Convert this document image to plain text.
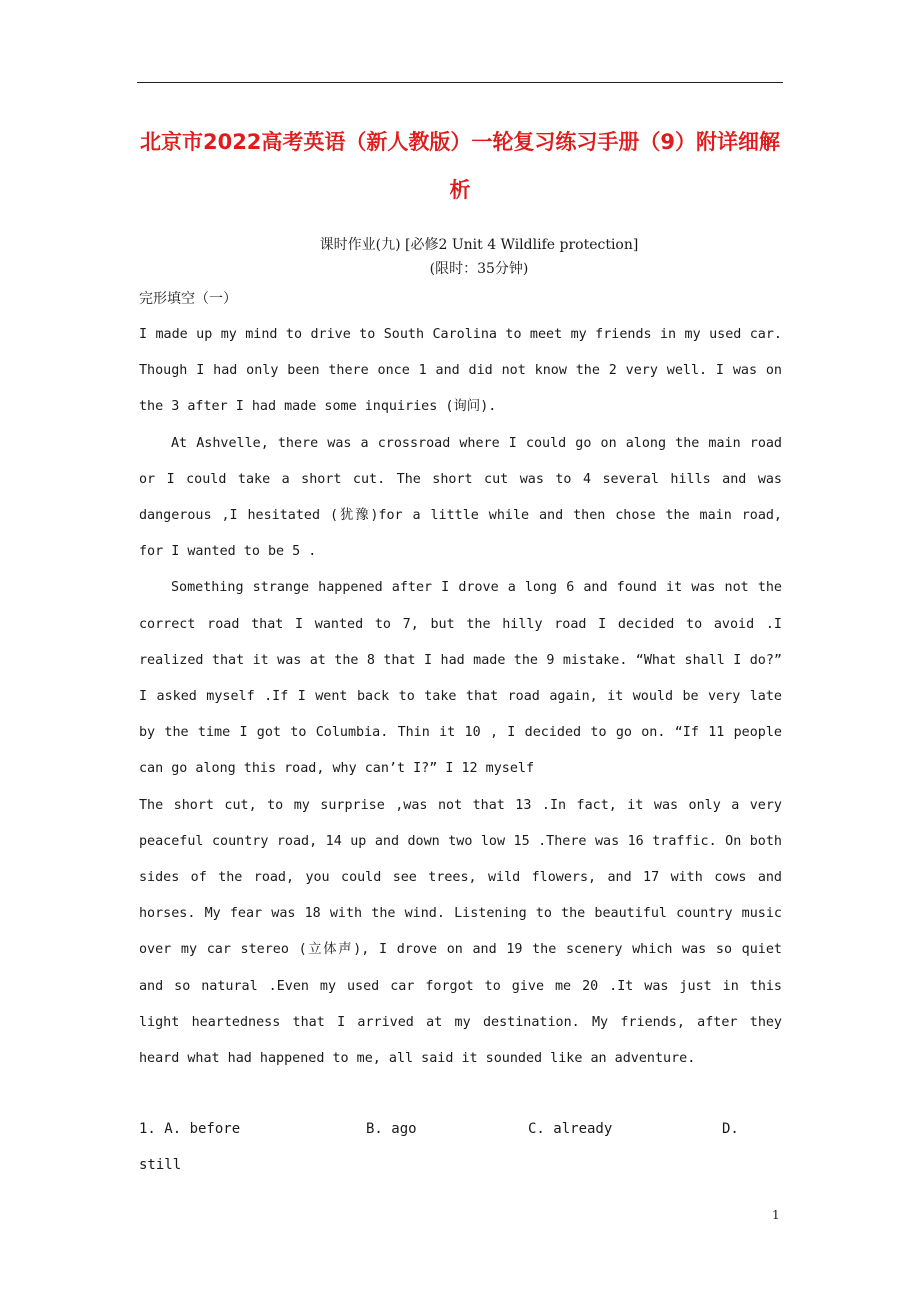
北京市2022高考英语（新人教版）一轮复习练习手册（9）附详细解析
课时作业(九) [必修2 Unit 4 Wildlife protection]
(限时：35分钟)
完形填空（一）

I made up my mind to drive to South Carolina to meet my friends in my used car. Though I had only been there once 1 and did not know the 2 very well. I was on the 3 after I had made some inquiries (询问).

At Ashvelle, there was a crossroad where I could go on along the main road or I could take a short cut. The short cut was to 4 several hills and was dangerous ,I hesitated (犹豫)for a little while and then chose the main road, for I wanted to be 5 .

Something strange happened after I drove a long 6 and found it was not the correct road that I wanted to 7, but the hilly road I decided to avoid .I realized that it was at the 8 that I had made the 9 mistake. “What shall I do?” I asked myself .If I went back to take that road again, it would be very late by the time I got to Columbia. Thin it 10 , I decided to go on. “If 11 people can go along this road, why can’t I?” I 12 myself

The short cut, to my surprise ,was not that 13 .In fact, it was only a very peaceful country road, 14 up and down two low 15 .There was 16 traffic. On both sides of the road, you could see trees, wild flowers, and 17 with cows and horses. My fear was 18 with the wind. Listening to the beautiful country music over my car stereo (立体声), I drove on and 19 the scenery which was so quiet and so natural .Even my used car forgot to give me 20 .It was just in this light heartedness that I arrived at my destination. My friends, after they heard what had happened to me, all said it sounded like an adventure.

1. A. before	B. ago	C. already	D.
still
1
